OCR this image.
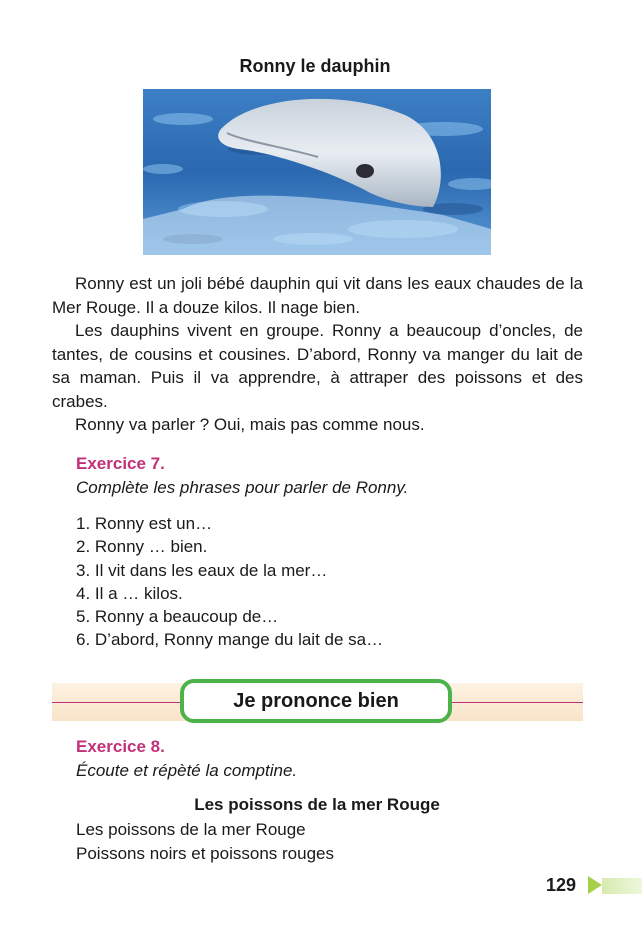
Ronny le dauphin

Ronny est un joli bébé dauphin qui vit dans les eaux chaudes de la Mer Rouge. Il a douze kilos. Il nage bien.

Les dauphins vivent en groupe. Ronny a beaucoup d’oncles, de tantes, de cousins et cousines. D’abord, Ronny va manger du lait de sa maman. Puis il va apprendre, à attraper des poissons et des crabes.

Ronny va parler ? Oui, mais pas comme nous.

Exercice 7.
Complète les phrases pour parler de Ronny.
1. Ronny est un…
2. Ronny … bien.
3. Il vit dans les eaux de la mer…
4. Il a … kilos.
5. Ronny a beaucoup de…
6. D’abord, Ronny mange du lait de sa…
Je prononce bien
Exercice 8.
Écoute et répèté la comptine.
Les poissons de la mer Rouge
Les poissons de la mer Rouge
Poissons noirs et poissons rouges
129
